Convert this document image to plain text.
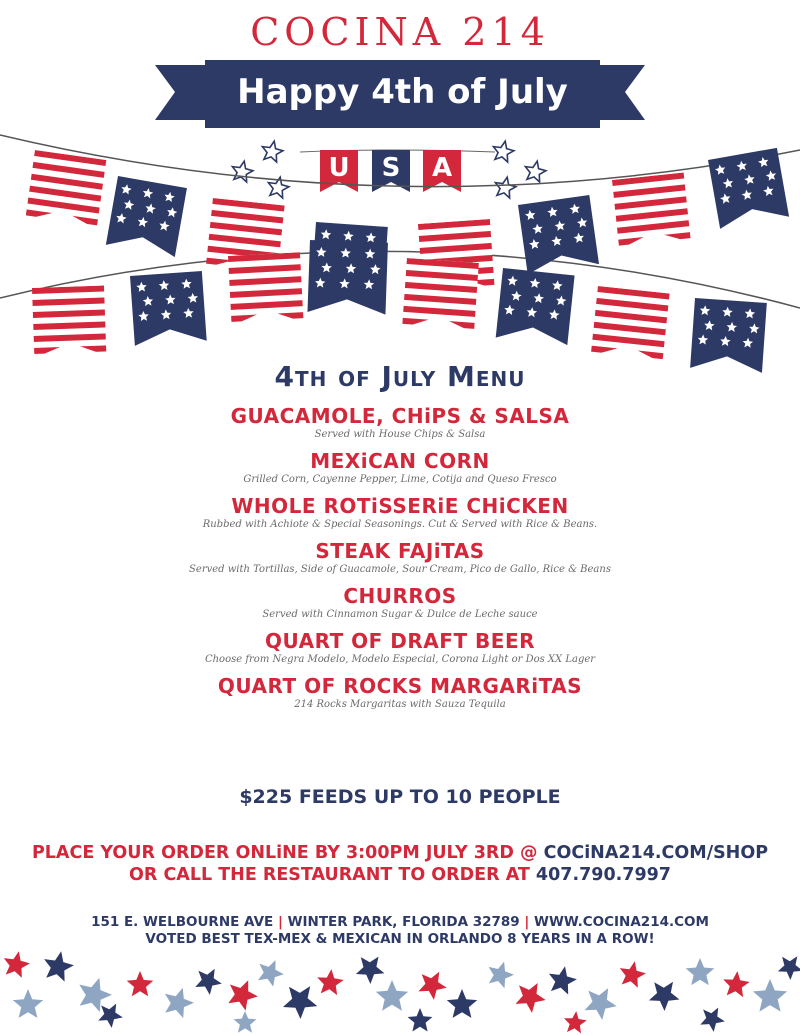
COCINA 214
Happy 4th of July
U	S	A
4th of July Menu
GUACAMOLE, CHiPS & SALSA
Served with House Chips & Salsa
MEXiCAN CORN
Grilled Corn, Cayenne Pepper, Lime, Cotija and Queso Fresco
WHOLE ROTiSSERiE CHiCKEN
Rubbed with Achiote & Special Seasonings. Cut & Served with Rice & Beans.
STEAK FAJiTAS
Served with Tortillas, Side of Guacamole, Sour Cream, Pico de Gallo, Rice & Beans
CHURROS
Served with Cinnamon Sugar & Dulce de Leche sauce
QUART OF DRAFT BEER
Choose from Negra Modelo, Modelo Especial, Corona Light or Dos XX Lager
QUART OF ROCKS MARGARiTAS
214 Rocks Margaritas with Sauza Tequila
$225 FEEDS UP TO 10 PEOPLE
PLACE YOUR ORDER ONLiNE BY 3:00PM JULY 3RD @ COCiNA214.COM/SHOP
OR CALL THE RESTAURANT TO ORDER AT 407.790.7997
151 E. WELBOURNE AVE | WINTER PARK, FLORIDA 32789 | WWW.COCINA214.COM
VOTED BEST TEX-MEX & MEXICAN IN ORLANDO 8 YEARS IN A ROW!
